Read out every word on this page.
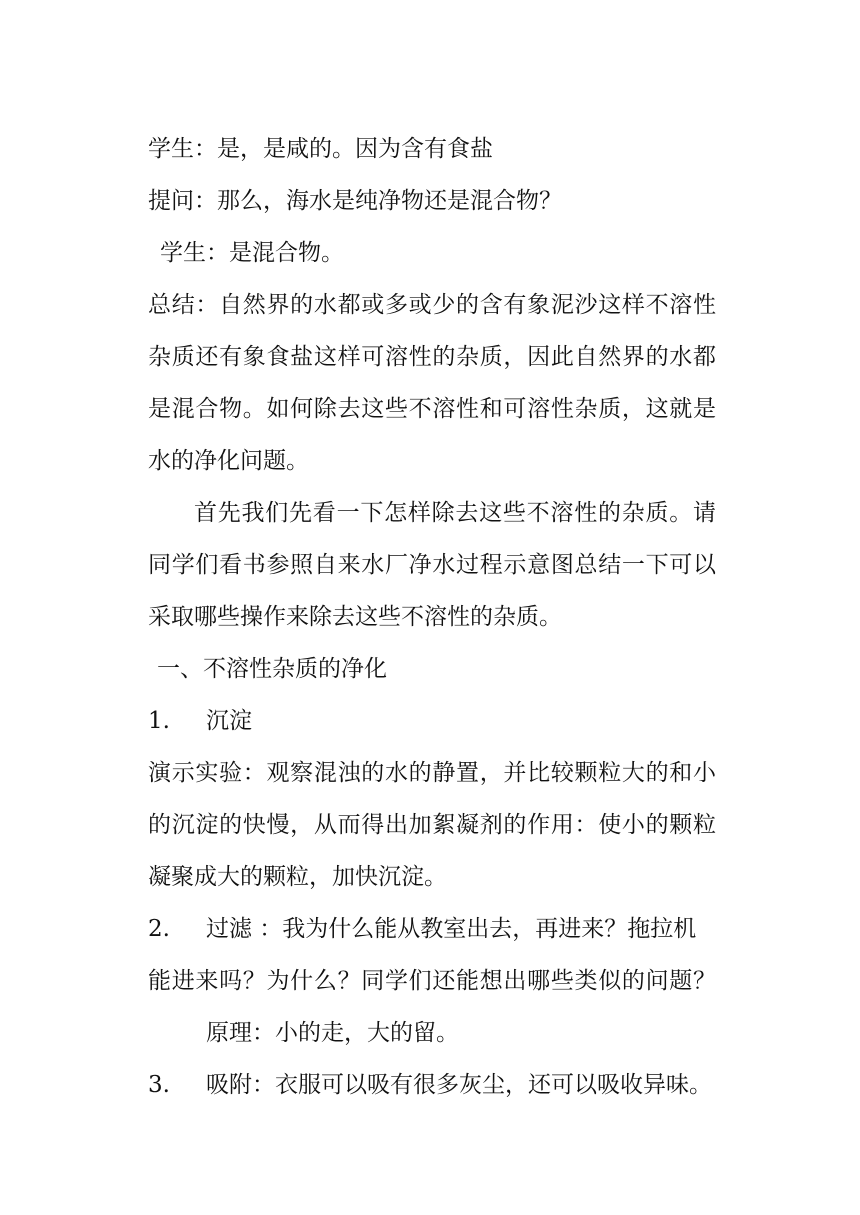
学生：是，是咸的。因为含有食盐
提问：那么，海水是纯净物还是混合物？
学生：是混合物。
总结：自然界的水都或多或少的含有象泥沙这样不溶性
杂质还有象食盐这样可溶性的杂质，因此自然界的水都
是混合物。如何除去这些不溶性和可溶性杂质，这就是
水的净化问题。
首先我们先看一下怎样除去这些不溶性的杂质。请
同学们看书参照自来水厂净水过程示意图总结一下可以
采取哪些操作来除去这些不溶性的杂质。
一、不溶性杂质的净化
1. 沉淀
演示实验：观察混浊的水的静置，并比较颗粒大的和小
的沉淀的快慢，从而得出加絮凝剂的作用：使小的颗粒
凝聚成大的颗粒，加快沉淀。
2. 过滤 ：我为什么能从教室出去，再进来？拖拉机
能进来吗？为什么？同学们还能想出哪些类似的问题？
原理：小的走，大的留。
3. 吸附：衣服可以吸有很多灰尘，还可以吸收异味。
